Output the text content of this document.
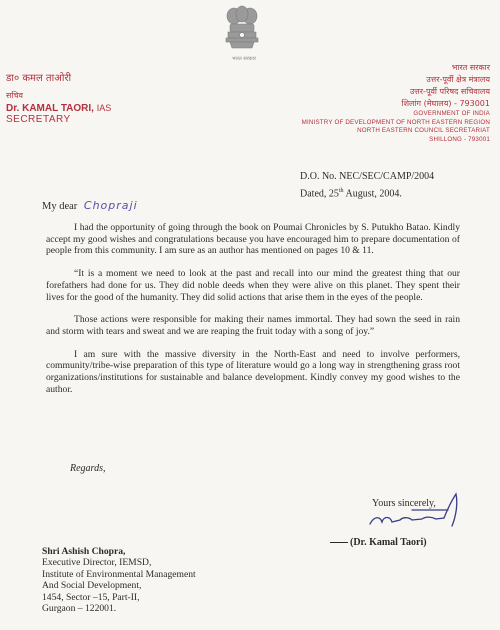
भारत सरकार
डा० कमल ताओरी
सचिव
Dr. KAMAL TAORI, IAS
SECRETARY
भारत सरकार
उत्तर-पूर्वी क्षेत्र मंत्रालय
उत्तर-पूर्वी परिषद सचिवालय
शिलांग (मेघालय) - 793001
GOVERNMENT OF INDIA
MINISTRY OF DEVELOPMENT OF NORTH EASTERN REGION
NORTH EASTERN COUNCIL SECRETARIAT
SHILLONG - 793001
D.O. No. NEC/SEC/CAMP/2004
Dated, 25th August, 2004.
My dear Chopraji

I had the opportunity of going through the book on Poumai Chronicles by S. Putukho Batao. Kindly accept my good wishes and congratulations because you have encouraged him to prepare documentation of people from this community. I am sure as an author has mentioned on pages 10 & 11.

“It is a moment we need to look at the past and recall into our mind the greatest thing that our forefathers had done for us. They did noble deeds when they were alive on this planet. They spent their lives for the good of the humanity. They did solid actions that arise them in the eyes of the people.

Those actions were responsible for making their names immortal. They had sown the seed in rain and storm with tears and sweat and we are reaping the fruit today with a song of joy.”

I am sure with the massive diversity in the North-East and need to involve performers, community/tribe-wise preparation of this type of literature would go a long way in strengthening grass root organizations/institutions for sustainable and balance development. Kindly convey my good wishes to the author.

Regards,
Yours sincerely,
(Dr. Kamal Taori)
Shri Ashish Chopra,
Executive Director, IEMSD,
Institute of Environmental Management
And Social Development,
1454, Sector –15, Part-II,
Gurgaon – 122001.
